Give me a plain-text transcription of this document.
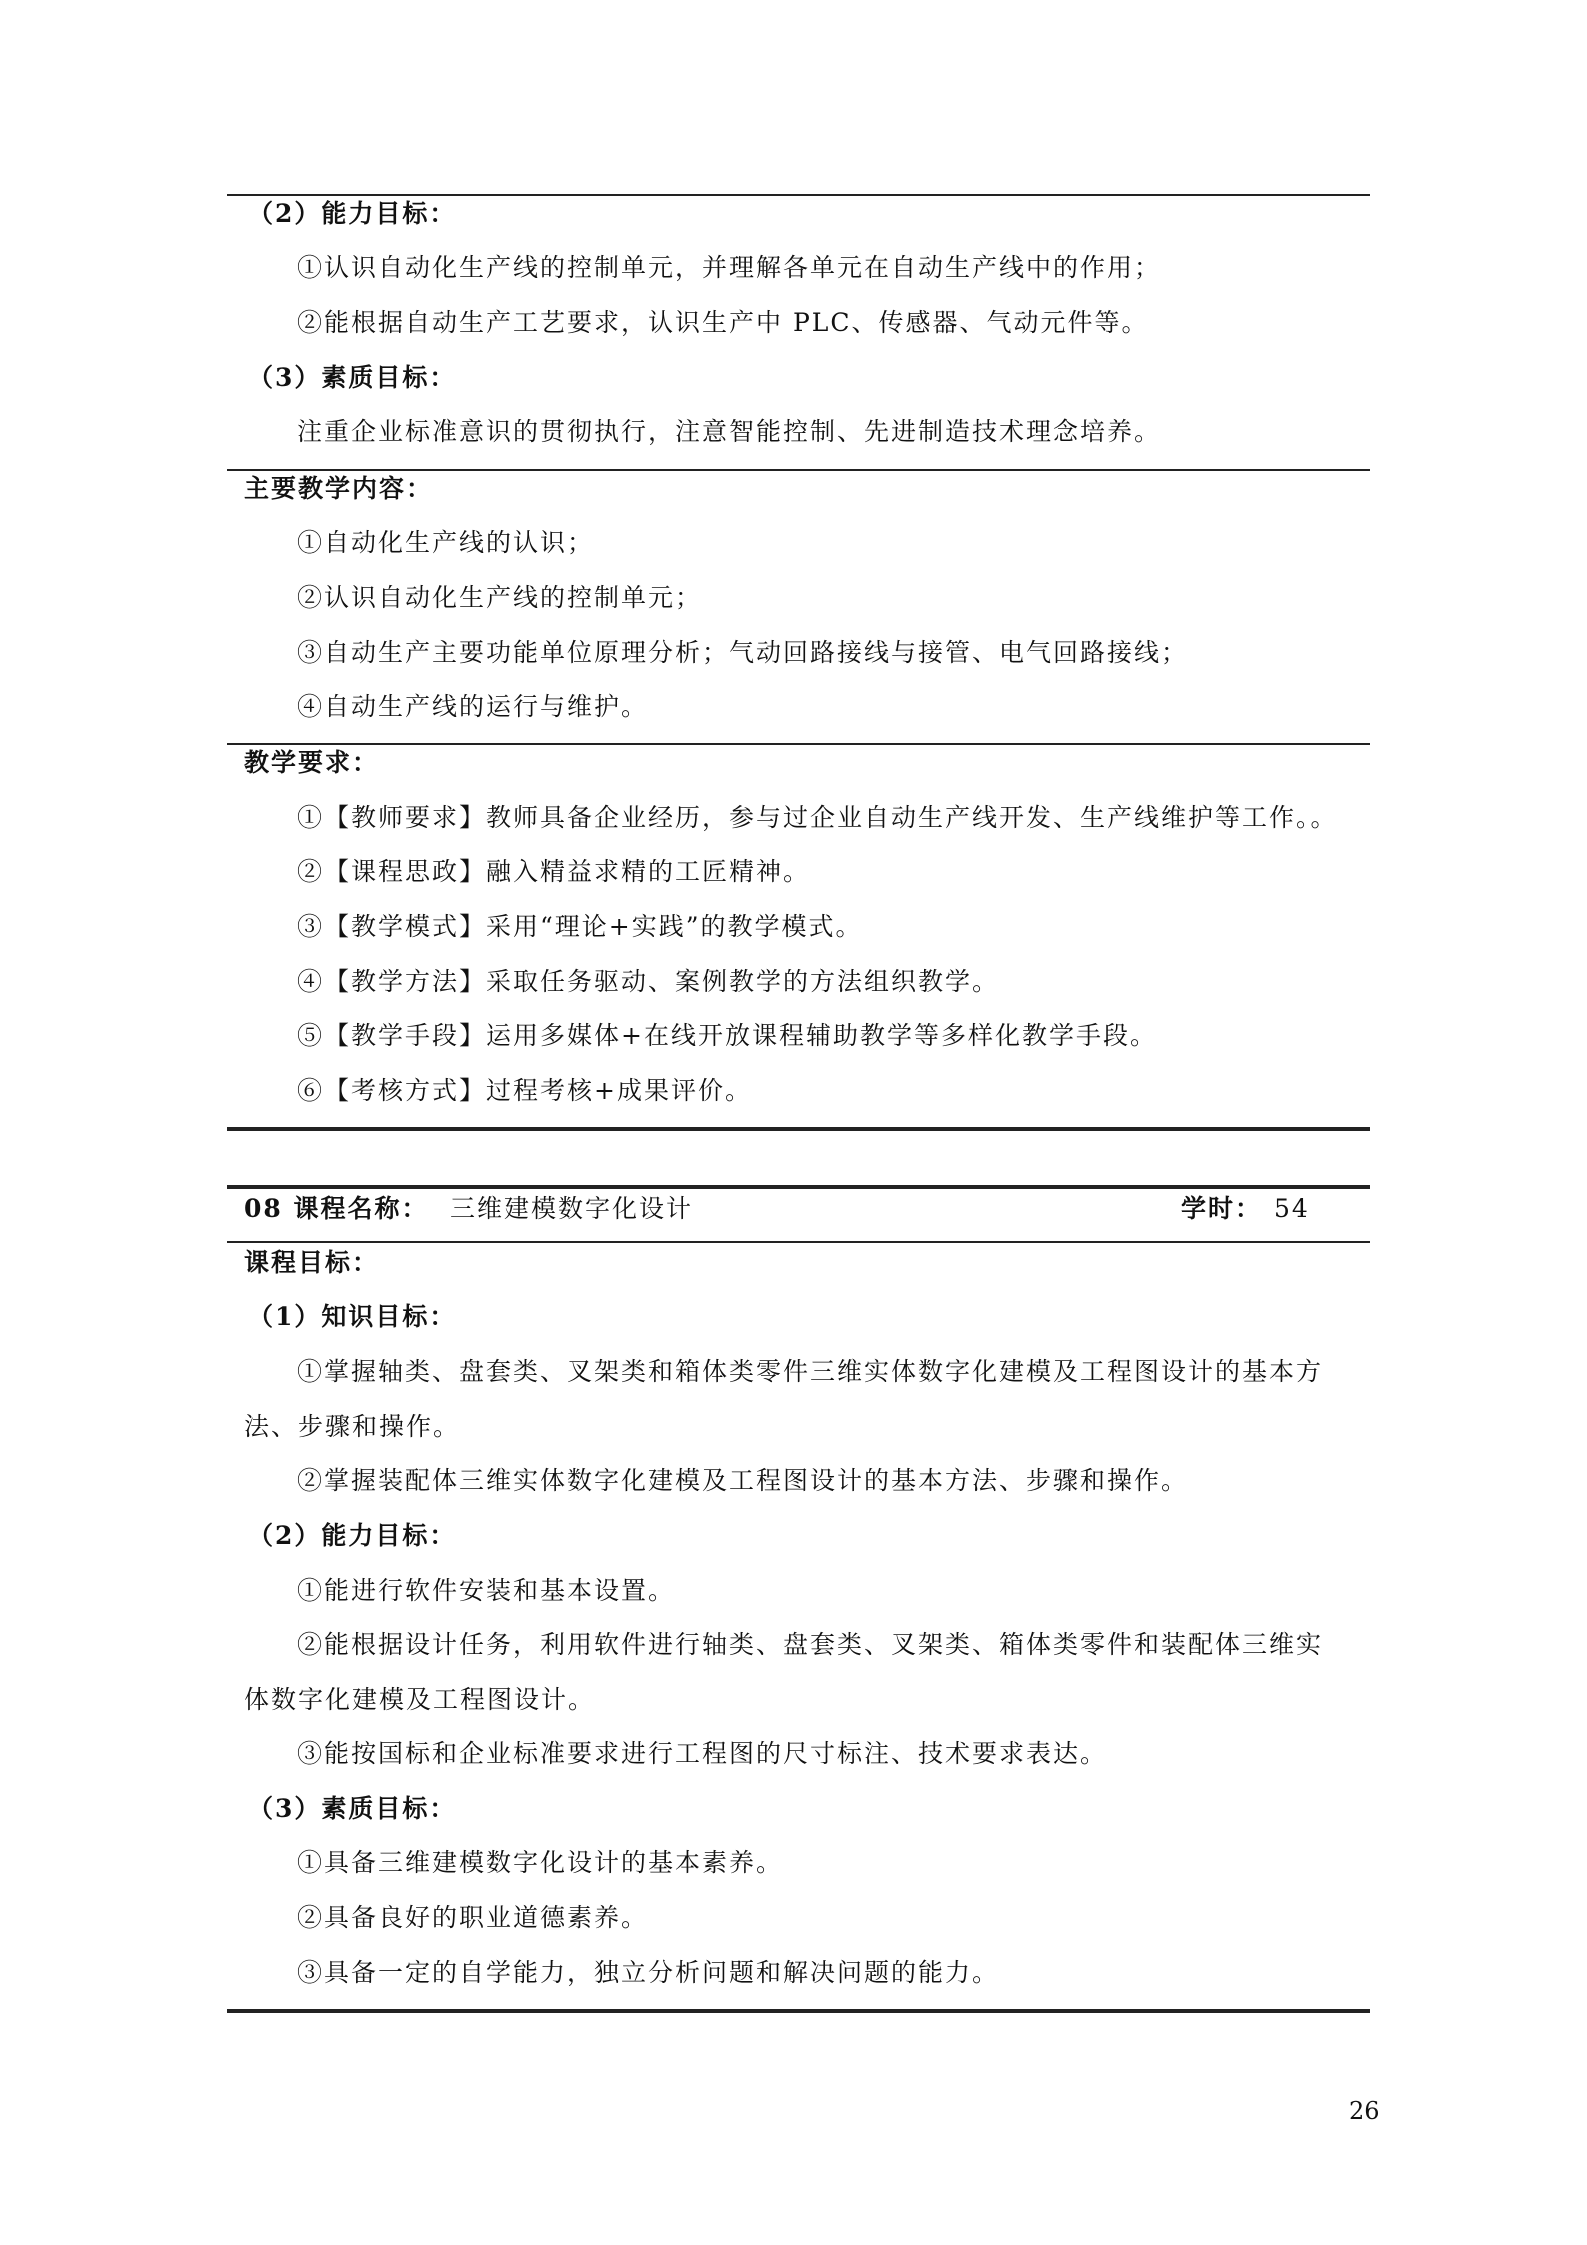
（2）能力目标：
①认识自动化生产线的控制单元，并理解各单元在自动生产线中的作用；
②能根据自动生产工艺要求，认识生产中 PLC、传感器、气动元件等。
（3）素质目标：
注重企业标准意识的贯彻执行，注意智能控制、先进制造技术理念培养。
主要教学内容：
①自动化生产线的认识；
②认识自动化生产线的控制单元；
③自动生产主要功能单位原理分析；气动回路接线与接管、电气回路接线；
④自动生产线的运行与维护。
教学要求：
①【教师要求】教师具备企业经历，参与过企业自动生产线开发、生产线维护等工作。。
②【课程思政】融入精益求精的工匠精神。
③【教学模式】采用“理论+实践”的教学模式。
④【教学方法】采取任务驱动、案例教学的方法组织教学。
⑤【教学手段】运用多媒体+在线开放课程辅助教学等多样化教学手段。
⑥【考核方式】过程考核+成果评价。
08 课程名称： 三维建模数字化设计	学时： 54
课程目标：
（1）知识目标：
①掌握轴类、盘套类、叉架类和箱体类零件三维实体数字化建模及工程图设计的基本方
法、步骤和操作。
②掌握装配体三维实体数字化建模及工程图设计的基本方法、步骤和操作。
（2）能力目标：
①能进行软件安装和基本设置。
②能根据设计任务，利用软件进行轴类、盘套类、叉架类、箱体类零件和装配体三维实
体数字化建模及工程图设计。
③能按国标和企业标准要求进行工程图的尺寸标注、技术要求表达。
（3）素质目标：
①具备三维建模数字化设计的基本素养。
②具备良好的职业道德素养。
③具备一定的自学能力，独立分析问题和解决问题的能力。
26
